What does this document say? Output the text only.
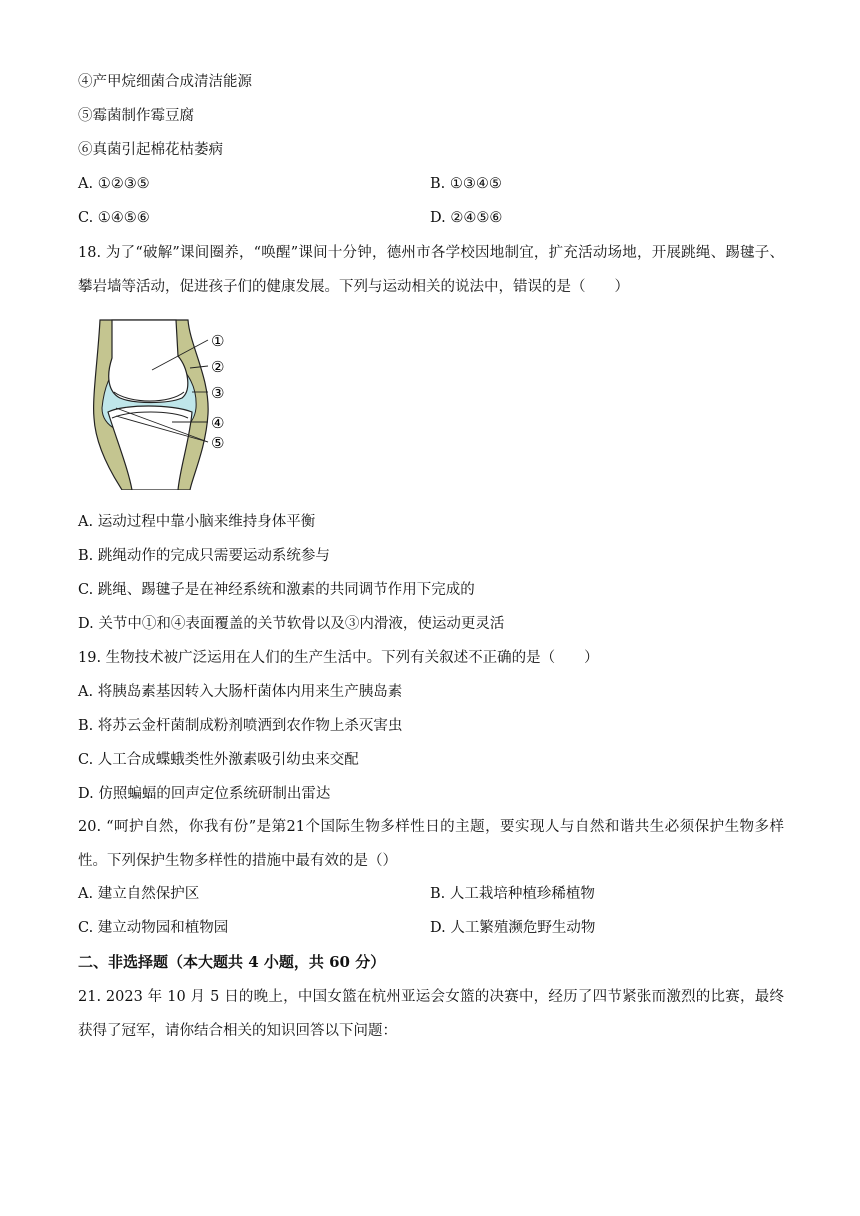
④产甲烷细菌合成清洁能源
⑤霉菌制作霉豆腐
⑥真菌引起棉花枯萎病
A. ①②③⑤	B. ①③④⑤
C. ①④⑤⑥	D. ②④⑤⑥
18. 为了“破解”课间圈养，“唤醒”课间十分钟，德州市各学校因地制宜，扩充活动场地，开展跳绳、踢毽子、攀岩墙等活动，促进孩子们的健康发展。下列与运动相关的说法中，错误的是（　　）
①
②
③
④
⑤
A. 运动过程中靠小脑来维持身体平衡
B. 跳绳动作的完成只需要运动系统参与
C. 跳绳、踢毽子是在神经系统和激素的共同调节作用下完成的
D. 关节中①和④表面覆盖的关节软骨以及③内滑液，使运动更灵活
19. 生物技术被广泛运用在人们的生产生活中。下列有关叙述不正确的是（　　）
A. 将胰岛素基因转入大肠杆菌体内用来生产胰岛素
B. 将苏云金杆菌制成粉剂喷洒到农作物上杀灭害虫
C. 人工合成蝶蛾类性外激素吸引幼虫来交配
D. 仿照蝙蝠的回声定位系统研制出雷达
20. “呵护自然，你我有份”是第21个国际生物多样性日的主题，要实现人与自然和谐共生必须保护生物多样性。下列保护生物多样性的措施中最有效的是（）
A. 建立自然保护区	B. 人工栽培种植珍稀植物
C. 建立动物园和植物园	D. 人工繁殖濒危野生动物
二、非选择题（本大题共 4 小题，共 60 分）
21. 2023 年 10 月 5 日的晚上，中国女篮在杭州亚运会女篮的决赛中，经历了四节紧张而激烈的比赛，最终获得了冠军，请你结合相关的知识回答以下问题：
